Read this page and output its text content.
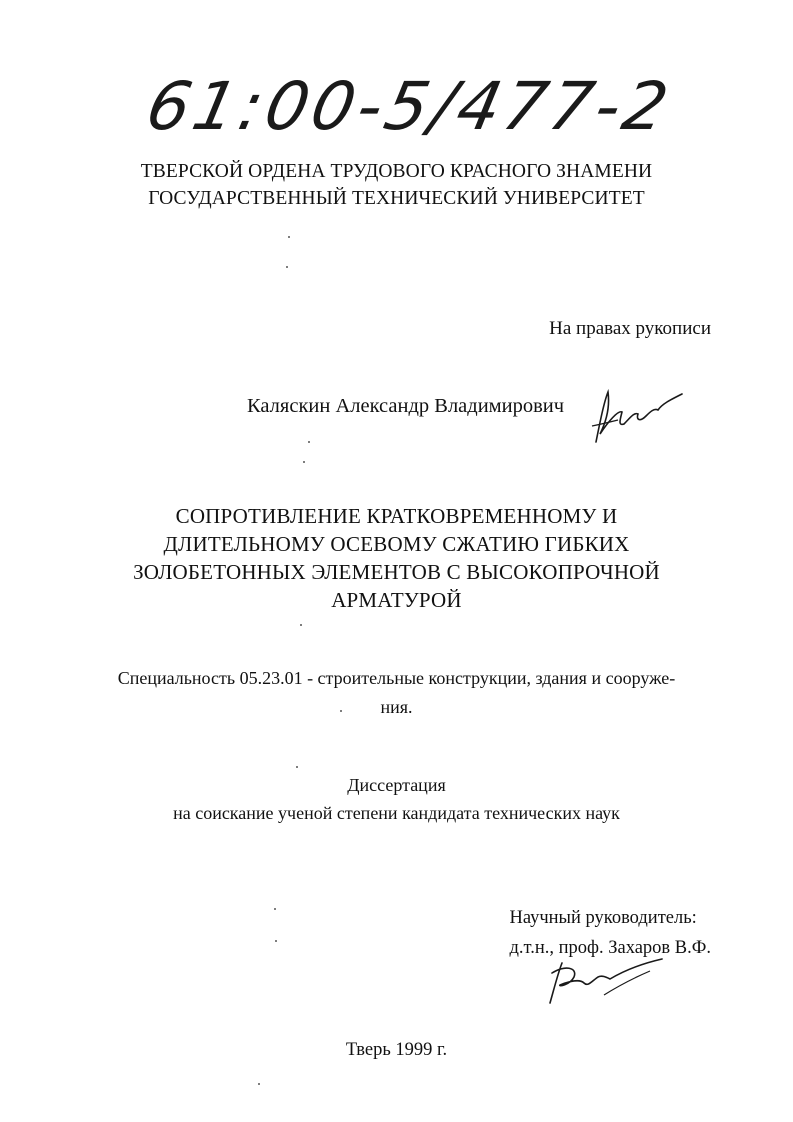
61:00-5/477-2
ТВЕРСКОЙ ОРДЕНА ТРУДОВОГО КРАСНОГО ЗНАМЕНИ
ГОСУДАРСТВЕННЫЙ ТЕХНИЧЕСКИЙ УНИВЕРСИТЕТ
На правах рукописи
Каляскин Александр Владимирович
СОПРОТИВЛЕНИЕ КРАТКОВРЕМЕННОМУ И
ДЛИТЕЛЬНОМУ ОСЕВОМУ СЖАТИЮ ГИБКИХ
ЗОЛОБЕТОННЫХ ЭЛЕМЕНТОВ С ВЫСОКОПРОЧНОЙ
АРМАТУРОЙ
Специальность 05.23.01 - строительные конструкции, здания и сооруже-
ния.
Диссертация
на соискание ученой степени кандидата технических наук
Научный руководитель:
д.т.н., проф. Захаров В.Ф.
Тверь 1999 г.
